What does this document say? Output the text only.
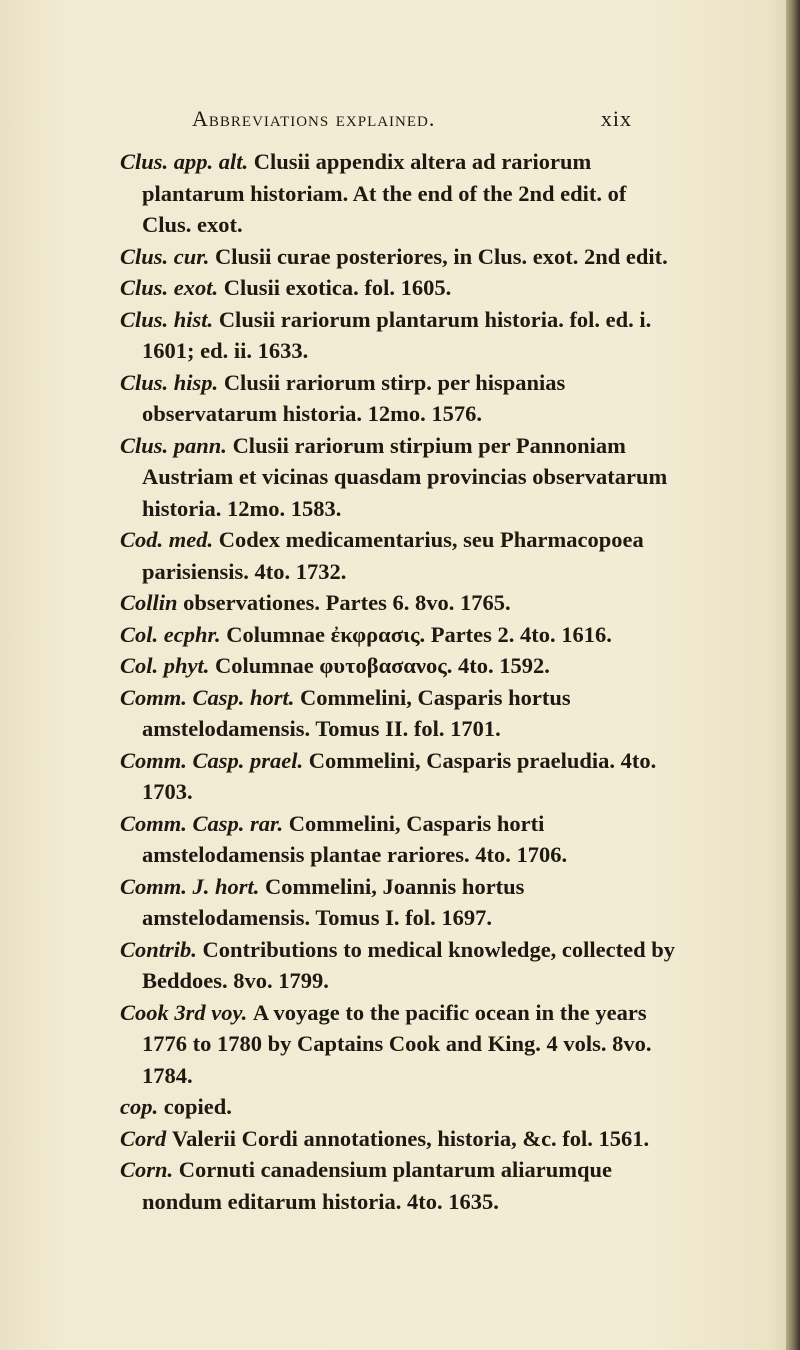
Abbreviations explained.	xix

Clus. app. alt. Clusii appendix altera ad rariorum plantarum historiam. At the end of the 2nd edit. of Clus. exot.

Clus. cur. Clusii curae posteriores, in Clus. exot. 2nd edit.

Clus. exot. Clusii exotica. fol. 1605.

Clus. hist. Clusii rariorum plantarum historia. fol. ed. i. 1601; ed. ii. 1633.

Clus. hisp. Clusii rariorum stirp. per hispanias observatarum historia. 12mo. 1576.

Clus. pann. Clusii rariorum stirpium per Pannoniam Austriam et vicinas quasdam provincias observatarum historia. 12mo. 1583.

Cod. med. Codex medicamentarius, seu Pharmacopoea parisiensis. 4to. 1732.

Collin observationes. Partes 6. 8vo. 1765.

Col. ecphr. Columnae ἐκφρασις. Partes 2. 4to. 1616.

Col. phyt. Columnae φυτοβασανος. 4to. 1592.

Comm. Casp. hort. Commelini, Casparis hortus amstelodamensis. Tomus II. fol. 1701.

Comm. Casp. prael. Commelini, Casparis praeludia. 4to. 1703.

Comm. Casp. rar. Commelini, Casparis horti amstelodamensis plantae rariores. 4to. 1706.

Comm. J. hort. Commelini, Joannis hortus amstelodamensis. Tomus I. fol. 1697.

Contrib. Contributions to medical knowledge, collected by Beddoes. 8vo. 1799.

Cook 3rd voy. A voyage to the pacific ocean in the years 1776 to 1780 by Captains Cook and King. 4 vols. 8vo. 1784.

cop. copied.

Cord Valerii Cordi annotationes, historia, &c. fol. 1561.

Corn. Cornuti canadensium plantarum aliarumque nondum editarum historia. 4to. 1635.
